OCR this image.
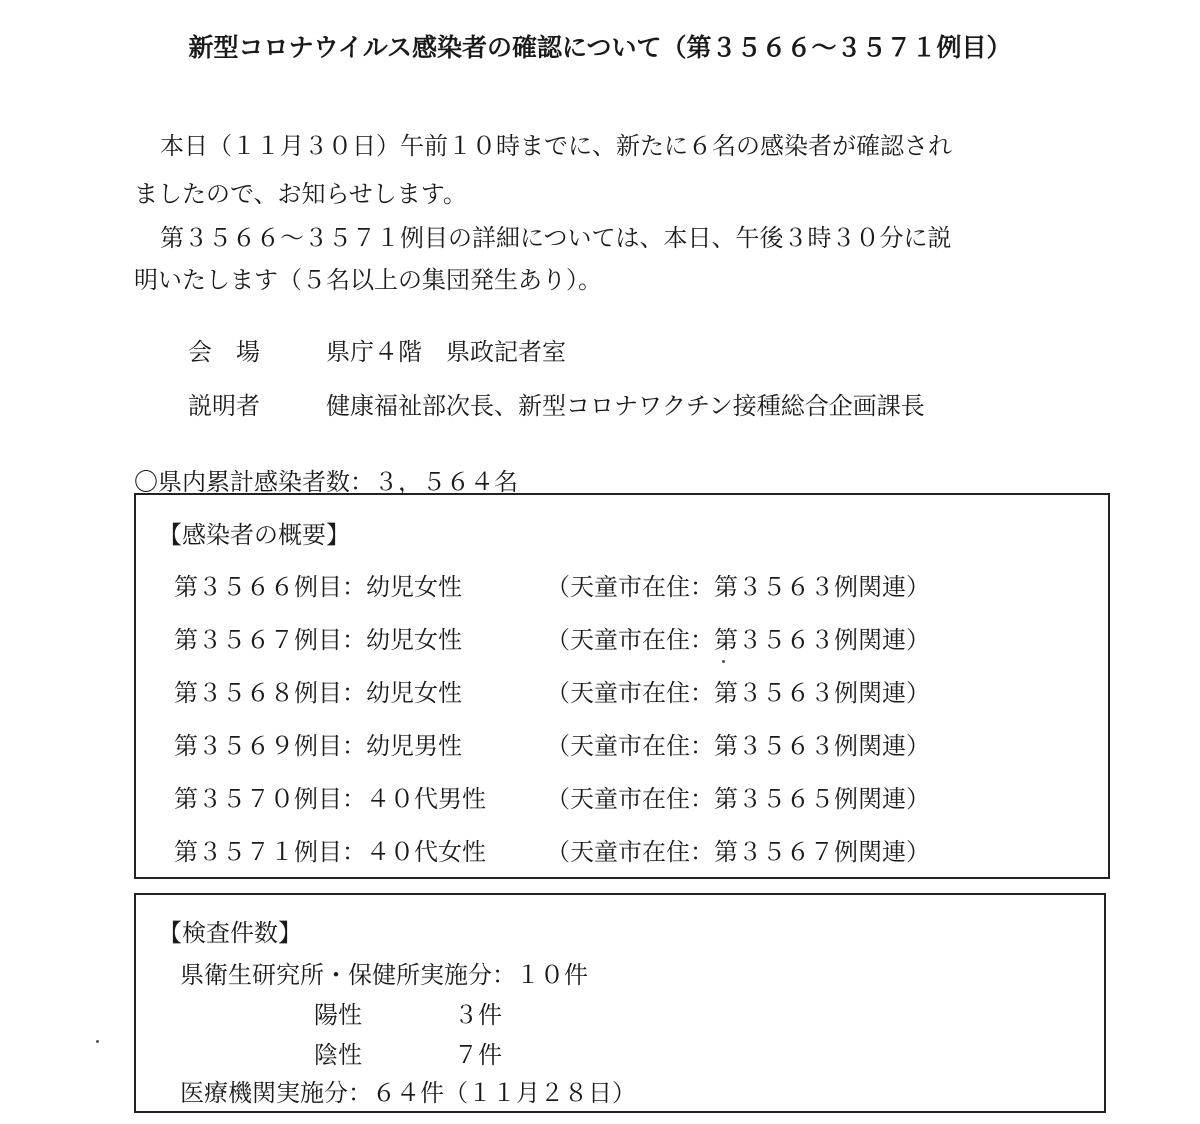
新型コロナウイルス感染者の確認について（第３５６６～３５７１例目）
本日（１１月３０日）午前１０時までに、新たに６名の感染者が確認され
ましたので、お知らせします。
第３５６６～３５７１例目の詳細については、本日、午後３時３０分に説
明いたします（５名以上の集団発生あり）。
会　場	県庁４階　県政記者室
説明者	健康福祉部次長、新型コロナワクチン接種総合企画課長
〇県内累計感染者数：３，５６４名
【感染者の概要】
第３５６６例目：幼児女性	（天童市在住：第３５６３例関連）
第３５６７例目：幼児女性	（天童市在住：第３５６３例関連）
第３５６８例目：幼児女性	（天童市在住：第３５６３例関連）
第３５６９例目：幼児男性	（天童市在住：第３５６３例関連）
第３５７０例目：４０代男性	（天童市在住：第３５６５例関連）
第３５７１例目：４０代女性	（天童市在住：第３５６７例関連）
【検査件数】
県衛生研究所・保健所実施分：１０件
陽性	３件
陰性	７件
医療機関実施分：６４件（１１月２８日）
